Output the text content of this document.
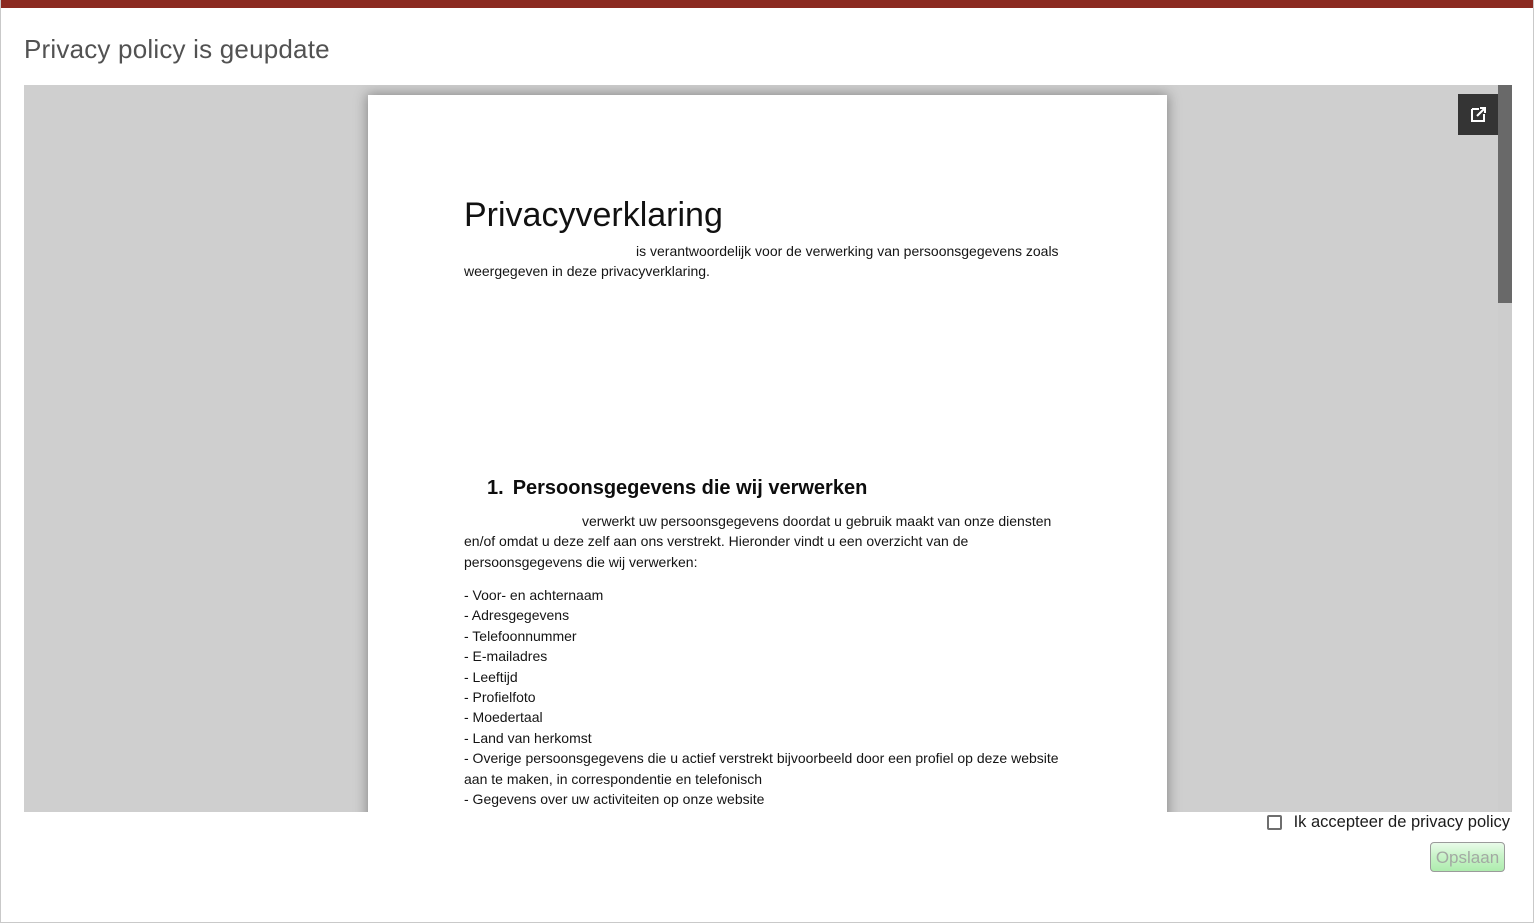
Privacy policy is geupdate
Privacyverklaring

is verantwoordelijk voor de verwerking van persoonsgegevens zoals weergegeven in deze privacyverklaring.

1. Persoonsgegevens die wij verwerken

verwerkt uw persoonsgegevens doordat u gebruik maakt van onze diensten en/of omdat u deze zelf aan ons verstrekt. Hieronder vindt u een overzicht van de persoonsgegevens die wij verwerken:

- Voor- en achternaam
- Adresgegevens
- Telefoonnummer
- E-mailadres
- Leeftijd
- Profielfoto
- Moedertaal
- Land van herkomst
- Overige persoonsgegevens die u actief verstrekt bijvoorbeeld door een profiel op deze website aan te maken, in correspondentie en telefonisch
- Gegevens over uw activiteiten op onze website
Ik accepteer de privacy policy
Opslaan
